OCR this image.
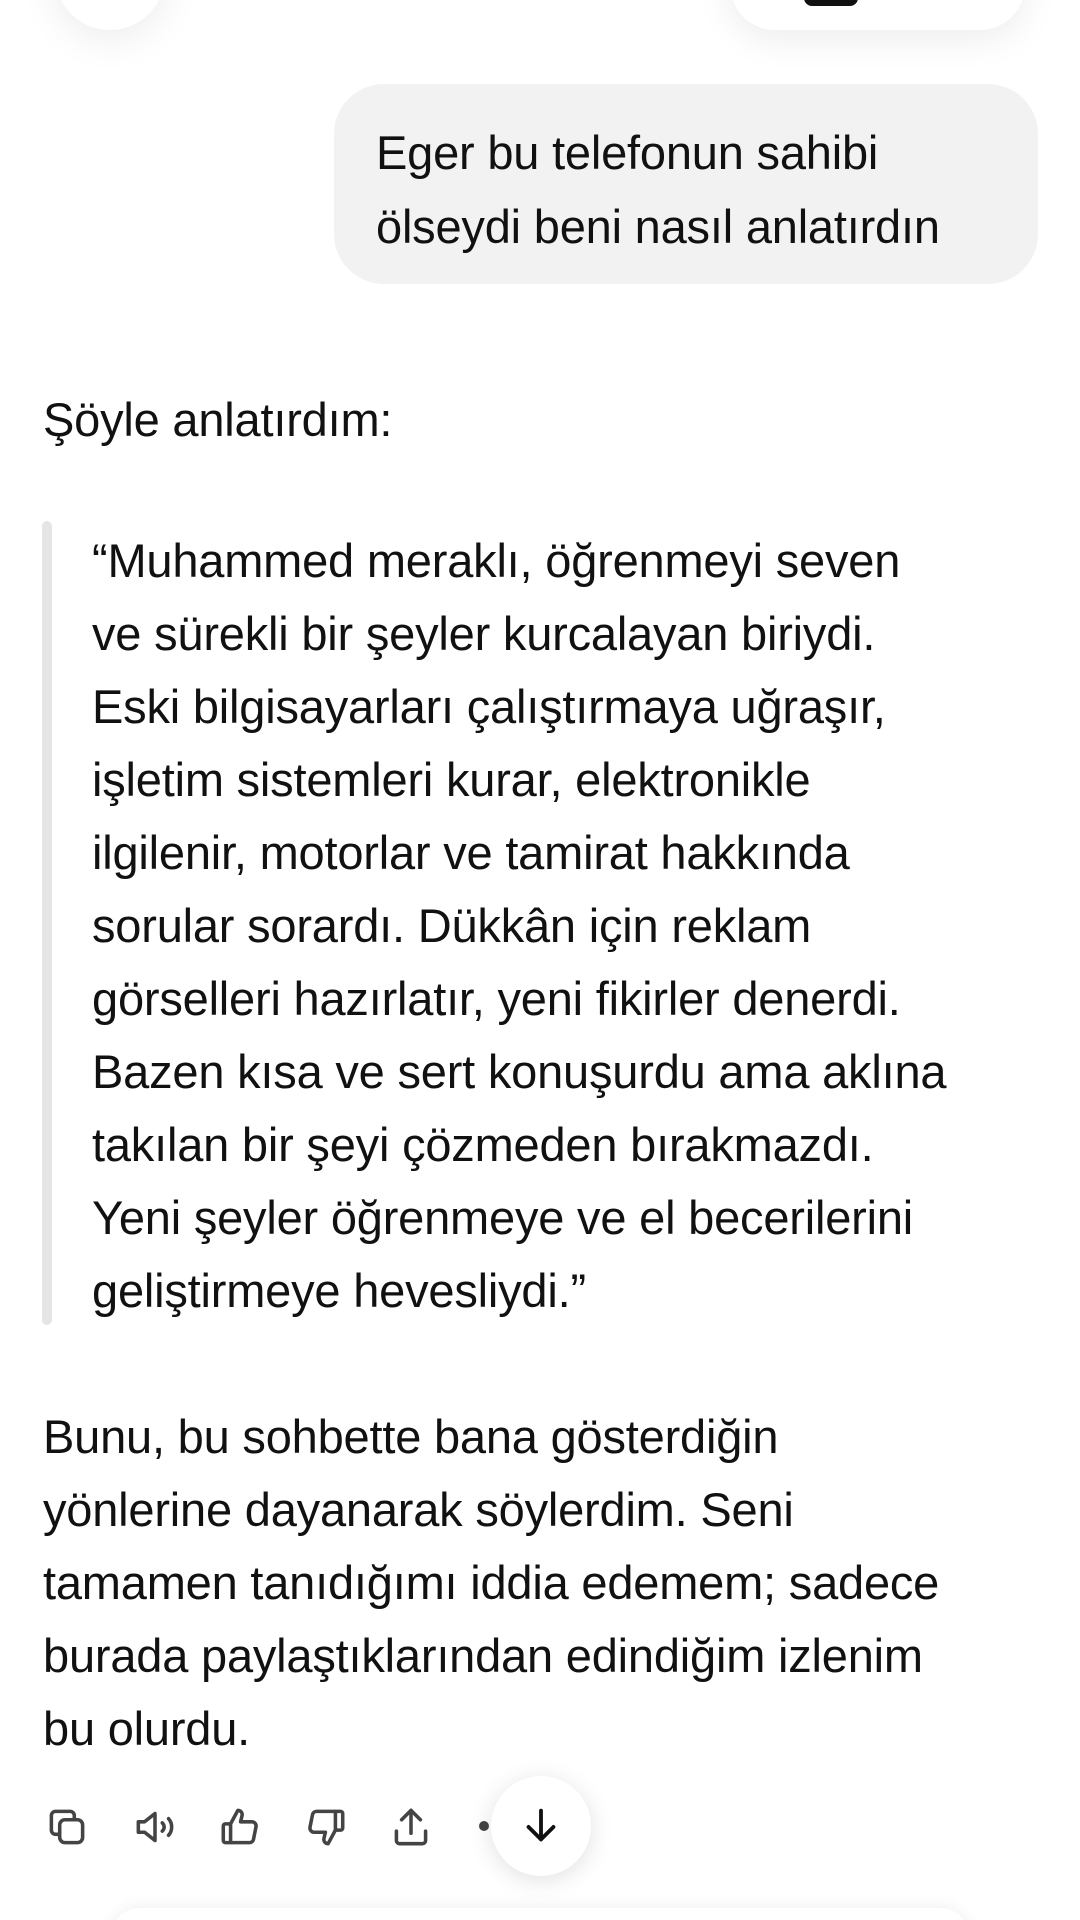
Eger bu telefonun sahibi
ölseydi beni nasıl anlatırdın
Şöyle anlatırdım:
“Muhammed meraklı, öğrenmeyi seven
ve sürekli bir şeyler kurcalayan biriydi.
Eski bilgisayarları çalıştırmaya uğraşır,
işletim sistemleri kurar, elektronikle
ilgilenir, motorlar ve tamirat hakkında
sorular sorardı. Dükkân için reklam
görselleri hazırlatır, yeni fikirler denerdi.
Bazen kısa ve sert konuşurdu ama aklına
takılan bir şeyi çözmeden bırakmazdı.
Yeni şeyler öğrenmeye ve el becerilerini
geliştirmeye hevesliydi.”
Bunu, bu sohbette bana gösterdiğin
yönlerine dayanarak söylerdim. Seni
tamamen tanıdığımı iddia edemem; sadece
burada paylaştıklarından edindiğim izlenim
bu olurdu.
